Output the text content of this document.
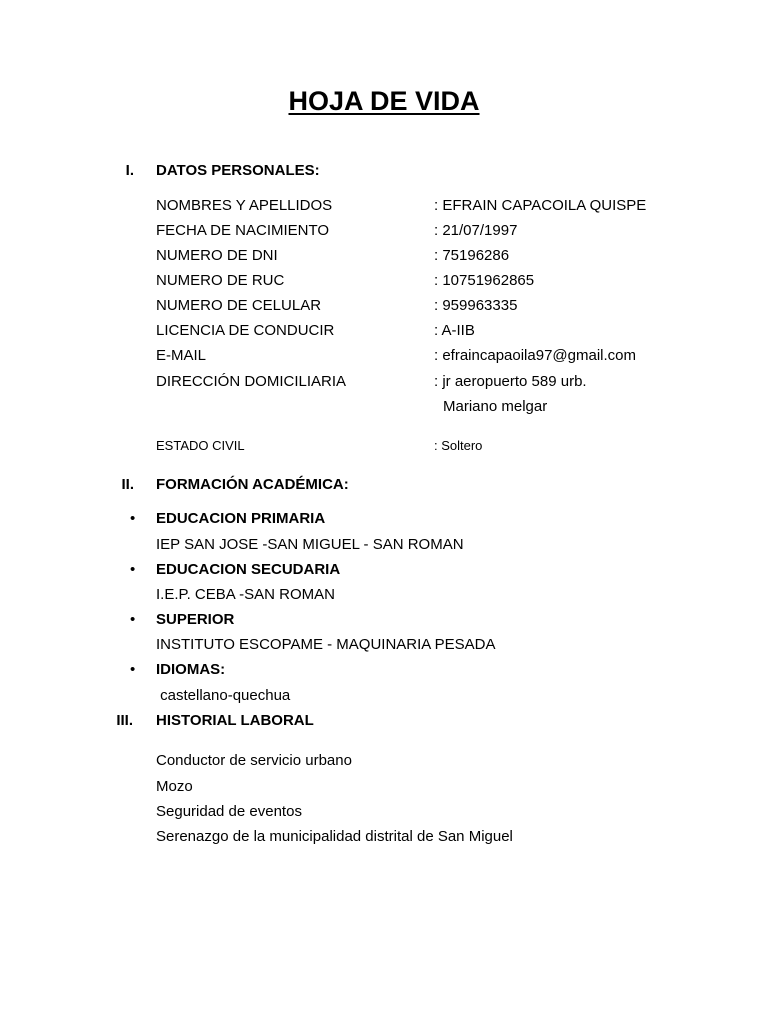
HOJA DE VIDA
I. DATOS PERSONALES:
NOMBRES Y APELLIDOS	: EFRAIN CAPACOILA QUISPE
FECHA DE NACIMIENTO	: 21/07/1997
NUMERO DE DNI	: 75196286
NUMERO DE RUC	: 10751962865
NUMERO DE CELULAR	: 959963335
LICENCIA DE CONDUCIR	: A-IIB
E-MAIL	: efraincapaoila97@gmail.com
DIRECCIÓN DOMICILIARIA	: jr aeropuerto 589 urb.
Mariano melgar
ESTADO CIVIL	: Soltero
II. FORMACIÓN ACADÉMICA:
• EDUCACION PRIMARIA
IEP SAN JOSE -SAN MIGUEL - SAN ROMAN
• EDUCACION SECUDARIA
I.E.P. CEBA -SAN ROMAN
• SUPERIOR
INSTITUTO ESCOPAME - MAQUINARIA PESADA
• IDIOMAS:
castellano-quechua
III. HISTORIAL LABORAL
Conductor de servicio urbano
Mozo
Seguridad de eventos
Serenazgo de la municipalidad distrital de San Miguel
